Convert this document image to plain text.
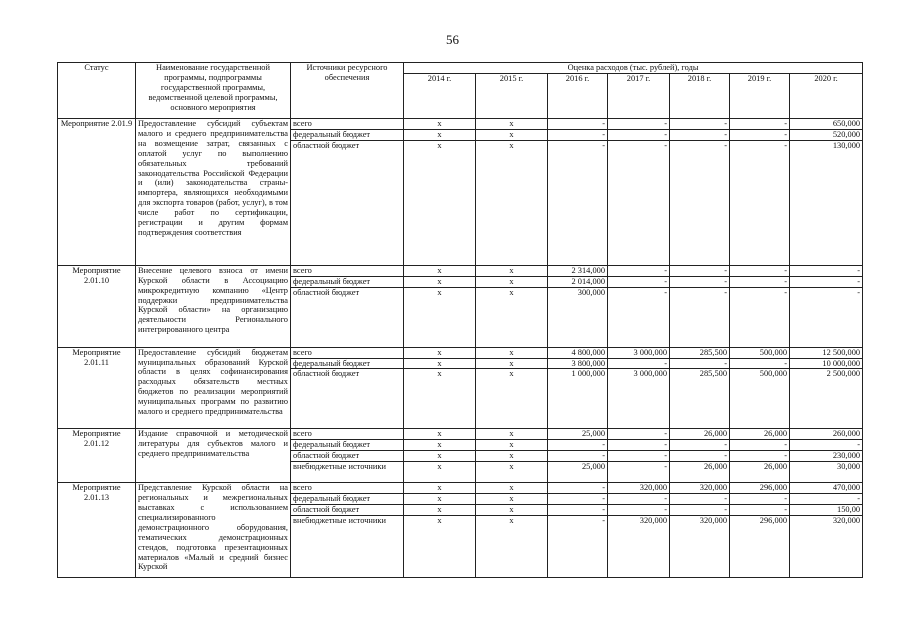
56
Статус	Наименование государственной программы, подпрограммы государственной программы, ведомственной целевой программы, основного мероприятия	Источники ресурсного обеспечения	Оценка расходов (тыс. рублей), годы						
			2014 г.	2015 г.	2016 г.	2017 г.	2018 г.	2019 г.	2020 г.
Мероприятие 2.01.9	Предоставление субсидий субъектам малого и среднего предпринимательства на возмещение затрат, связанных с оплатой услуг по выполнению обязательных требований законодательства Российской Федерации и (или) законодательства страны-импортера, являющихся необходимыми для экспорта товаров (работ, услуг), в том числе работ по сертификации, регистрации и другим формам подтверждения соответствия	всего	x	x	-	-	-	-	650,000
		федеральный бюджет	x	x	-	-	-	-	520,000
		областной бюджет	x	x	-	-	-	-	130,000
Мероприятие 2.01.10	Внесение целевого взноса от имени Курской области в Ассоциацию микрокредитную компанию «Центр поддержки предпринимательства Курской области» на организацию деятельности Регионального интегрированного центра	всего	x	x	2 314,000	-	-	-	-
		федеральный бюджет	x	x	2 014,000	-	-	-	-
		областной бюджет	x	x	300,000	-	-	-	-
Мероприятие 2.01.11	Предоставление субсидий бюджетам муниципальных образований Курской области в целях софинансирования расходных обязательств местных бюджетов по реализации мероприятий муниципальных программ по развитию малого и среднего предпринимательства	всего	x	x	4 800,000	3 000,000	285,500	500,000	12 500,000
		федеральный бюджет	x	x	3 800,000	-	-	-	10 000,000
		областной бюджет	x	x	1 000,000	3 000,000	285,500	500,000	2 500,000
Мероприятие 2.01.12	Издание справочной и методической литературы для субъектов малого и среднего предпринимательства	всего	x	x	25,000	-	26,000	26,000	260,000
		федеральный бюджет	x	x	-	-	-	-	-
		областной бюджет	x	x	-	-	-	-	230,000
		внебюджетные источники	x	x	25,000	-	26,000	26,000	30,000
Мероприятие 2.01.13	Представление Курской области на региональных и межрегиональных выставках с использованием специализированного демонстрационного оборудования, тематических демонстрационных стендов, подготовка презентационных материалов «Малый и средний бизнес Курской	всего	x	x	-	320,000	320,000	296,000	470,000
		федеральный бюджет	x	x	-	-	-	-	-
		областной бюджет	x	x	-	-	-	-	150,00
		внебюджетные источники	x	x	-	320,000	320,000	296,000	320,000
